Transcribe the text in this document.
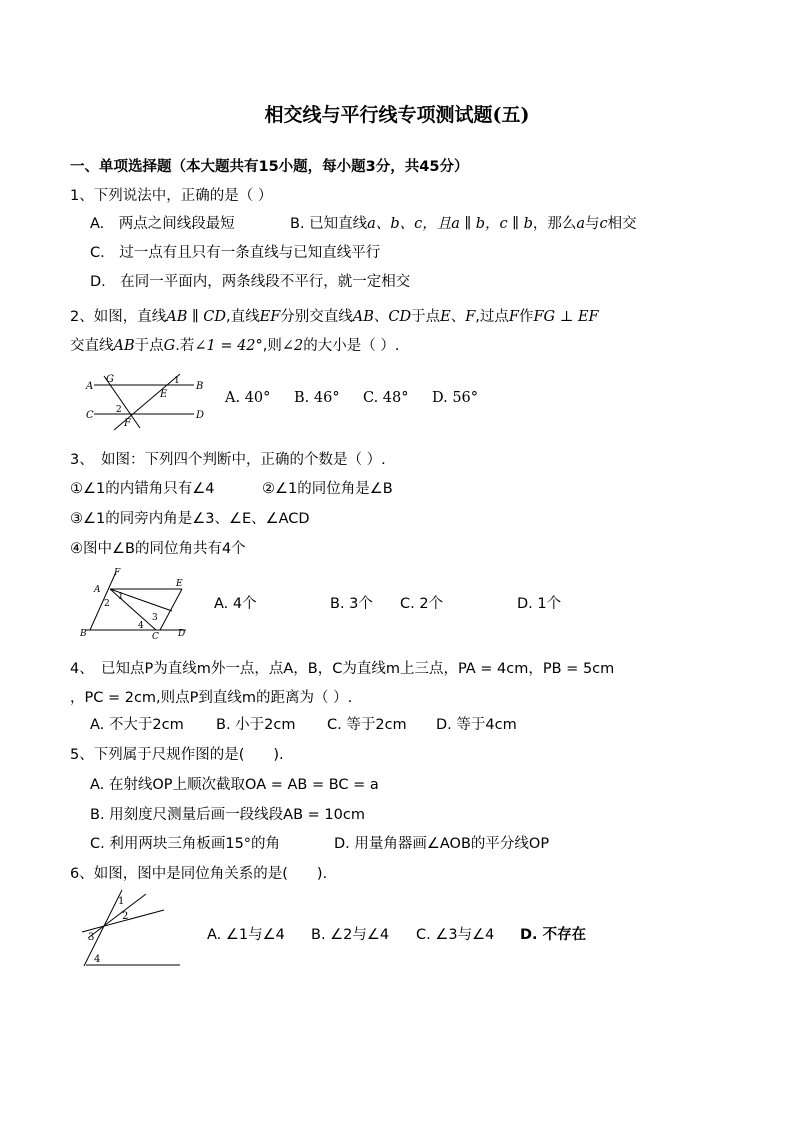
相交线与平行线专项测试题(五)
一、单项选择题（本大题共有15小题，每小题3分，共45分）
1、下列说法中，正确的是（ ）
A.　两点之间线段最短	B. 已知直线a、b、c，且a ∥ b，c ∥ b，那么a与c相交
C.　过一点有且只有一条直线与已知直线平行
D.　在同一平面内，两条线段不平行，就一定相交
2、如图，直线AB ∥ CD,直线EF分别交直线AB、CD于点E、F,过点F作FG ⊥ EF
交直线AB于点G.若∠1 = 42°,则∠2的大小是（ ）.
A	B
C	D
E
F
G	1
2
A. 40° B. 46° C. 48° D. 56°
3、　如图：下列四个判断中，正确的个数是（ ）.
①∠1的内错角只有∠4	②∠1的同位角是∠B
③∠1的同旁内角是∠3、∠E、∠ACD
④图中∠B的同位角共有4个
A
F
E
B	C D
1
2
3
4
A. 4个	B. 3个 C. 2个	D. 1个
4、　已知点P为直线m外一点，点A，B，C为直线m上三点，PA = 4cm，PB = 5cm
，PC = 2cm,则点P到直线m的距离为（ ）.
A. 不大于2cm B. 小于2cm C. 等于2cm D. 等于4cm
5、下列属于尺规作图的是(　　).
A. 在射线OP上顺次截取OA = AB = BC = a
B. 用刻度尺测量后画一段线段AB = 10cm
C. 利用两块三角板画15°的角	D. 用量角器画∠AOB的平分线OP
6、如图，图中是同位角关系的是(　　).
1
2
3
4
A. ∠1与∠4 B. ∠2与∠4 C. ∠3与∠4 D. 不存在
